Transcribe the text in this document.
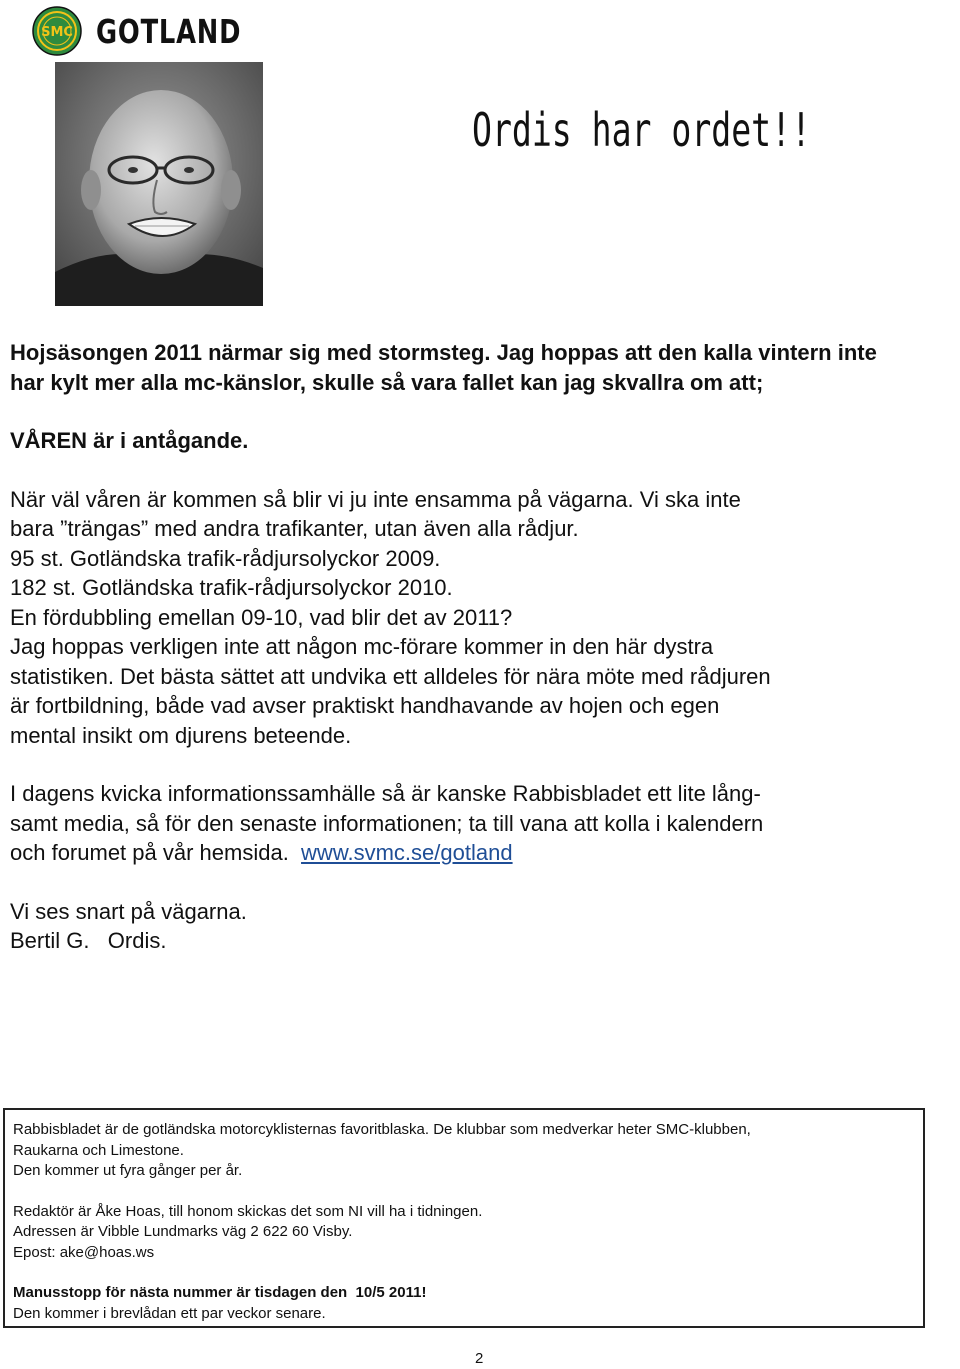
SMC GOTLAND
Ordis har ordet!!

Hojsäsongen 2011 närmar sig med stormsteg. Jag hoppas att den kalla vintern inte har kylt mer alla mc-känslor, skulle så vara fallet kan jag skvallra om att;

VÅREN är i antågande.

När väl våren är kommen så blir vi ju inte ensamma på vägarna. Vi ska inte

bara ”trängas” med andra trafikanter, utan även alla rådjur.

95 st. Gotländska trafik-rådjursolyckor 2009.

182 st. Gotländska trafik-rådjursolyckor 2010.

En fördubbling emellan 09-10, vad blir det av 2011?

Jag hoppas verkligen inte att någon mc-förare kommer in den här dystra

statistiken. Det bästa sättet att undvika ett alldeles för nära möte med rådjuren

är fortbildning, både vad avser praktiskt handhavande av hojen och egen

mental insikt om djurens beteende.

I dagens kvicka informationssamhälle så är kanske Rabbisbladet ett lite lång-

samt media, så för den senaste informationen; ta till vana att kolla i kalendern

och forumet på vår hemsida. www.svmc.se/gotland

Vi ses snart på vägarna.

Bertil G.   Ordis.

Rabbisbladet är de gotländska motorcyklisternas favoritblaska. De klubbar som medverkar heter SMC-klubben,

Raukarna och Limestone.

Den kommer ut fyra gånger per år.

Redaktör är Åke Hoas, till honom skickas det som NI vill ha i tidningen.

Adressen är Vibble Lundmarks väg 2 622 60 Visby.

Epost: ake@hoas.ws

Manusstopp för nästa nummer är tisdagen den  10/5 2011!

Den kommer i brevlådan ett par veckor senare.

2
